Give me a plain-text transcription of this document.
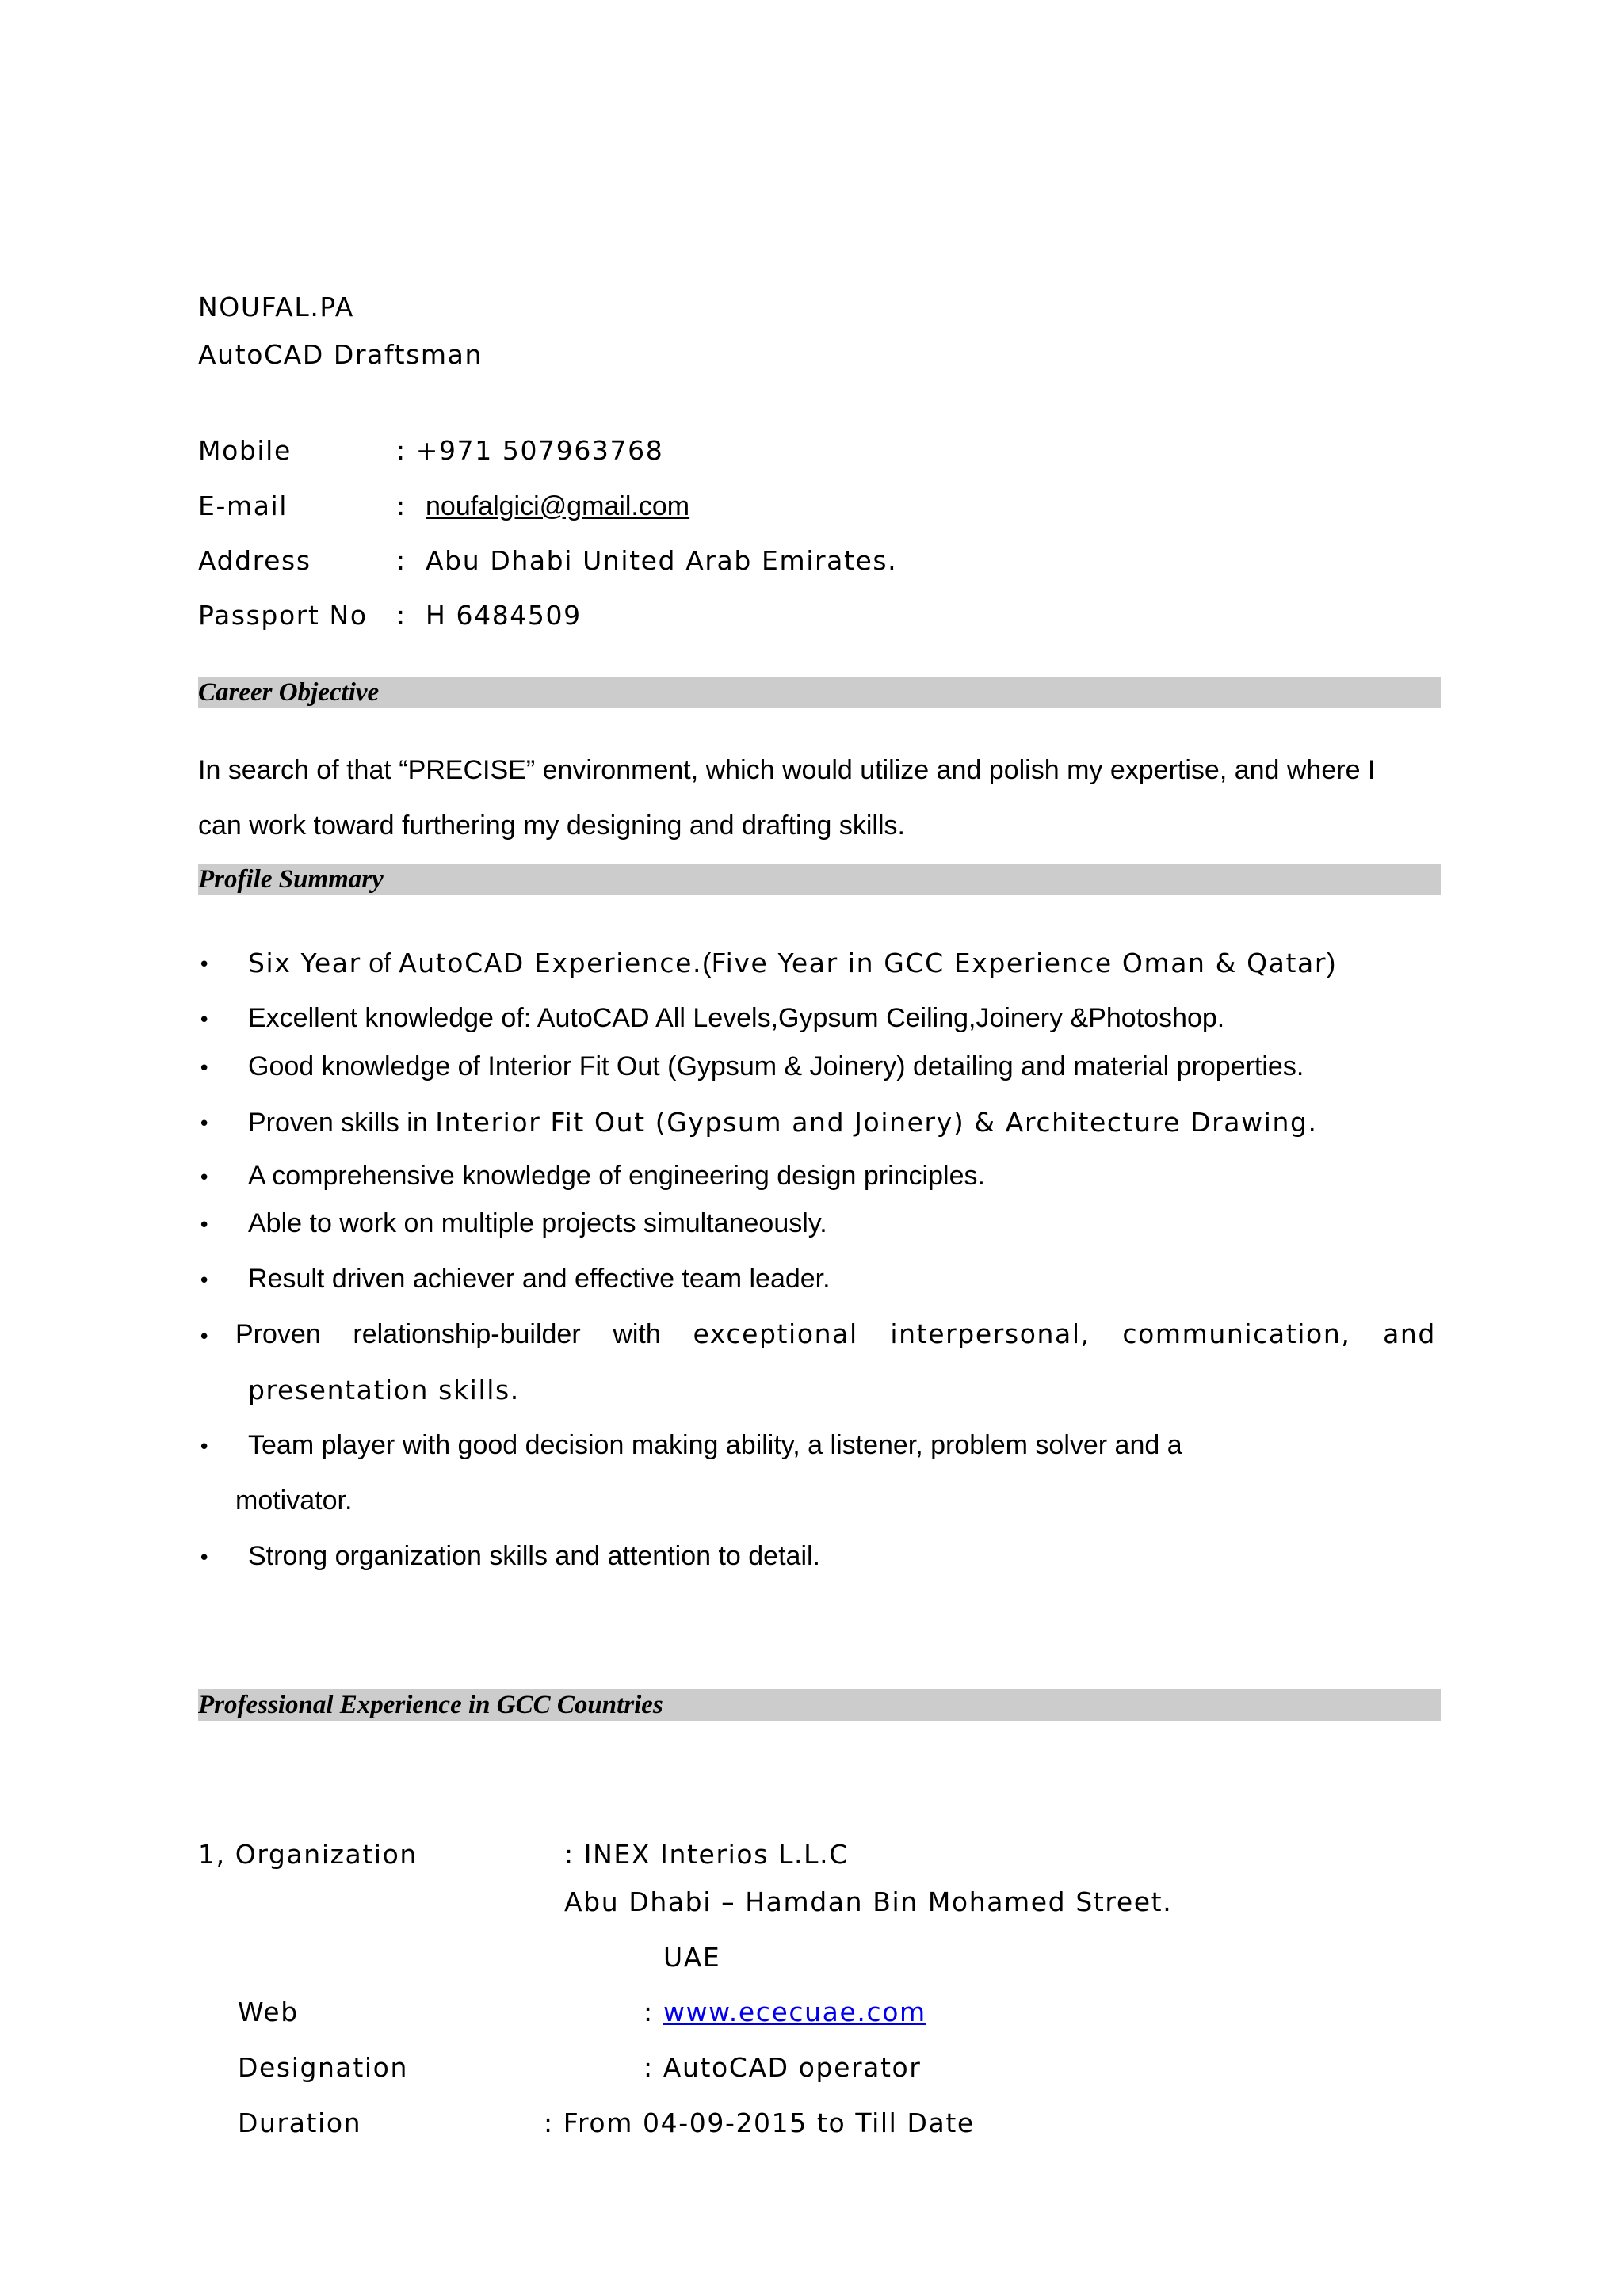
NOUFAL.PA
AutoCAD Draftsman
Mobile	: +971 507963768
E-mail	: noufalgici@gmail.com
Address	: Abu Dhabi United Arab Emirates.
Passport No : H 6484509
Career Objective
In search of that “PRECISE” environment, which would utilize and polish my expertise, and where I
can work toward furthering my designing and drafting skills.
Profile Summary
• Six Year of AutoCAD Experience.(Five Year in GCC Experience Oman & Qatar)
• Excellent knowledge of: AutoCAD All Levels,Gypsum Ceiling,Joinery &Photoshop.
• Good knowledge of Interior Fit Out (Gypsum & Joinery) detailing and material properties.
• Proven skills in Interior Fit Out (Gypsum and Joinery) & Architecture Drawing.
• A comprehensive knowledge of engineering design principles.
• Able to work on multiple projects simultaneously.
• Result driven achiever and effective team leader.
• Proven relationship-builder with exceptional interpersonal, communication, and
presentation skills.
• Team player with good decision making ability, a listener, problem solver and a
motivator.
• Strong organization skills and attention to detail.
Professional Experience in GCC Countries
1, Organization	: INEX Interios L.L.C
Abu Dhabi – Hamdan Bin Mohamed Street.
UAE
Web	: www.ececuae.com
Designation	: AutoCAD operator
Duration	: From 04-09-2015 to Till Date
